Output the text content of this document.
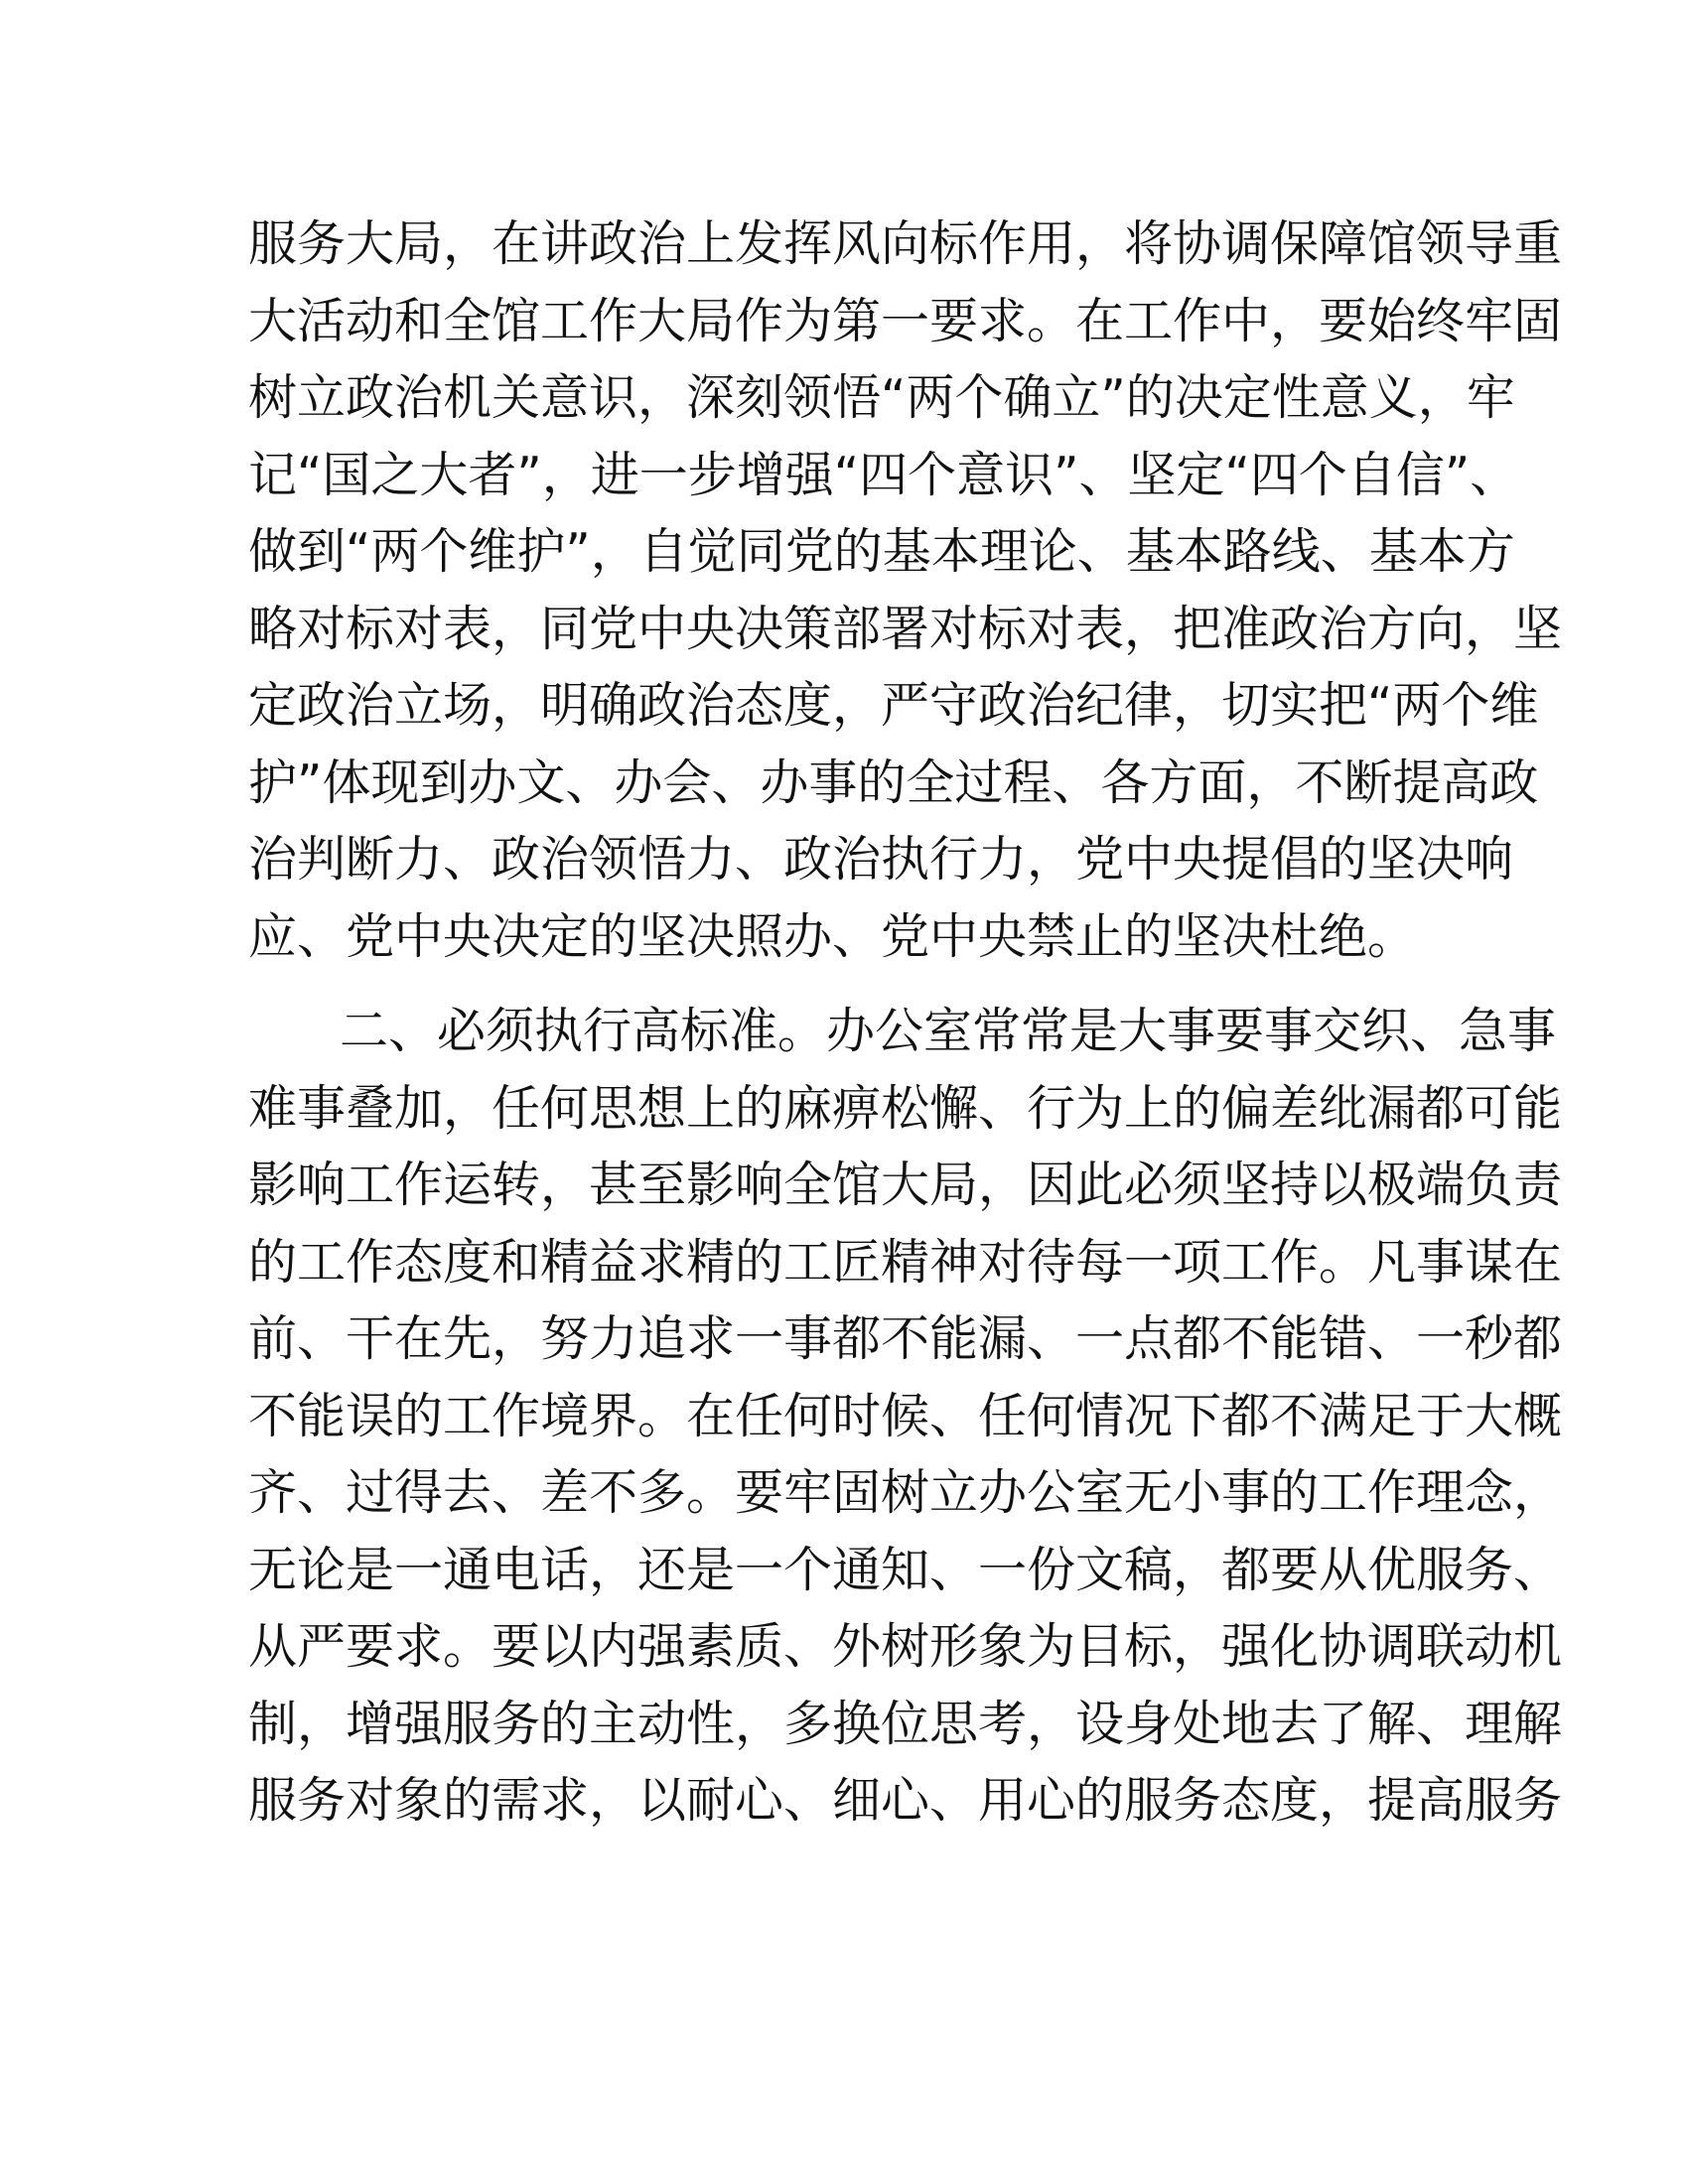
服务大局，在讲政治上发挥风向标作用，将协调保障馆领导重
大活动和全馆工作大局作为第一要求。在工作中，要始终牢固
树立政治机关意识，深刻领悟“两个确立”的决定性意义，牢
记“国之大者”，进一步增强“四个意识”、坚定“四个自信”、
做到“两个维护”，自觉同党的基本理论、基本路线、基本方
略对标对表，同党中央决策部署对标对表，把准政治方向，坚
定政治立场，明确政治态度，严守政治纪律，切实把“两个维
护”体现到办文、办会、办事的全过程、各方面，不断提高政
治判断力、政治领悟力、政治执行力，党中央提倡的坚决响
应、党中央决定的坚决照办、党中央禁止的坚决杜绝。
二、必须执行高标准。办公室常常是大事要事交织、急事
难事叠加，任何思想上的麻痹松懈、行为上的偏差纰漏都可能
影响工作运转，甚至影响全馆大局，因此必须坚持以极端负责
的工作态度和精益求精的工匠精神对待每一项工作。凡事谋在
前、干在先，努力追求一事都不能漏、一点都不能错、一秒都
不能误的工作境界。在任何时候、任何情况下都不满足于大概
齐、过得去、差不多。要牢固树立办公室无小事的工作理念，
无论是一通电话，还是一个通知、一份文稿，都要从优服务、
从严要求。要以内强素质、外树形象为目标，强化协调联动机
制，增强服务的主动性，多换位思考，设身处地去了解、理解
服务对象的需求，以耐心、细心、用心的服务态度，提高服务
